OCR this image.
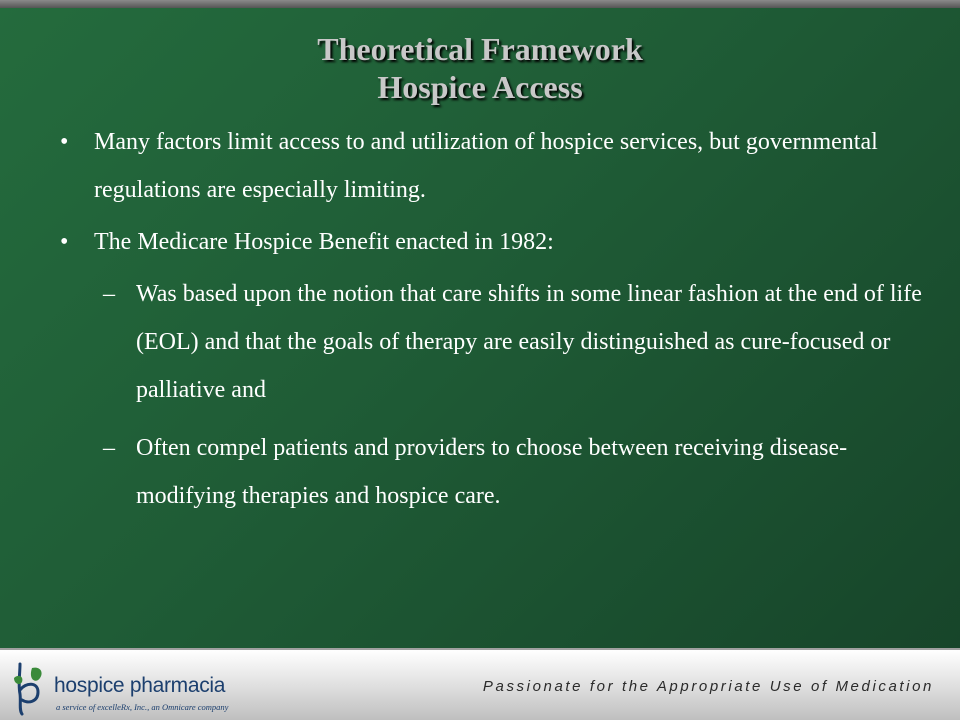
Theoretical Framework
Hospice Access
• Many factors limit access to and utilization of hospice services, but governmental regulations are especially limiting.
• The Medicare Hospice Benefit enacted in 1982:
– Was based upon the notion that care shifts in some linear fashion at the end of life (EOL) and that the goals of therapy are easily distinguished as cure-focused or palliative and
– Often compel patients and providers to choose between receiving disease-modifying therapies and hospice care.
hospice pharmacia
a service of excelleRx, Inc., an Omnicare company
Passionate for the Appropriate Use of Medication
